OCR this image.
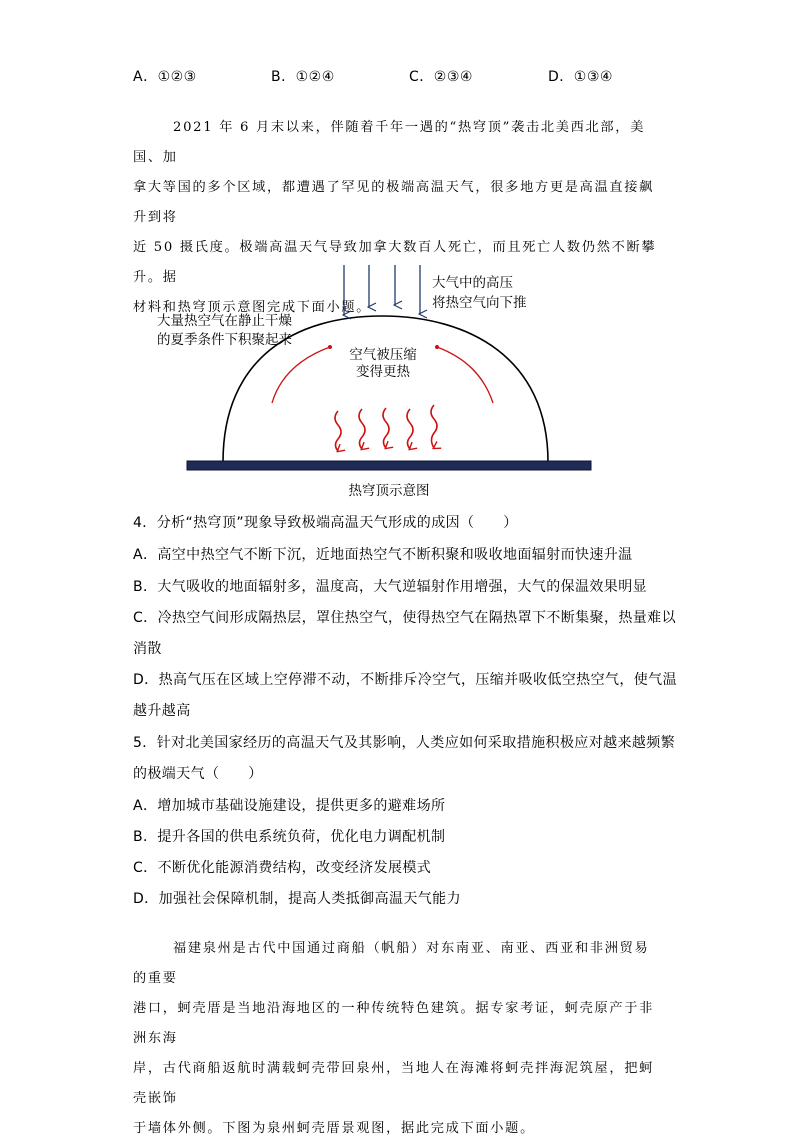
A．①②③	B．①②④	C．②③④	D．①③④

2021 年 6 月末以来，伴随着千年一遇的“热穹顶”袭击北美西北部，美国、加

拿大等国的多个区域，都遭遇了罕见的极端高温天气，很多地方更是高温直接飙升到将

近 50 摄氏度。极端高温天气导致加拿大数百人死亡，而且死亡人数仍然不断攀升。据

材料和热穹顶示意图完成下面小题。

大气中的高压
将热空气向下推
大量热空气在静止干燥
的夏季条件下积聚起来
空气被压缩
变得更热
热穹顶示意图
4．分析“热穹顶”现象导致极端高温天气形成的成因（　　）
A．高空中热空气不断下沉，近地面热空气不断积聚和吸收地面辐射而快速升温
B．大气吸收的地面辐射多，温度高，大气逆辐射作用增强，大气的保温效果明显
C．冷热空气间形成隔热层，罩住热空气，使得热空气在隔热罩下不断集聚，热量难以
消散
D．热高气压在区域上空停滞不动，不断排斥冷空气，压缩并吸收低空热空气，使气温
越升越高
5．针对北美国家经历的高温天气及其影响，人类应如何采取措施积极应对越来越频繁
的极端天气（　　）
A．增加城市基础设施建设，提供更多的避难场所
B．提升各国的供电系统负荷，优化电力调配机制
C．不断优化能源消费结构，改变经济发展模式
D．加强社会保障机制，提高人类抵御高温天气能力

福建泉州是古代中国通过商船（帆船）对东南亚、南亚、西亚和非洲贸易的重要

港口，蚵壳厝是当地沿海地区的一种传统特色建筑。据专家考证，蚵壳原产于非洲东海

岸，古代商船返航时满载蚵壳带回泉州，当地人在海滩将蚵壳拌海泥筑屋，把蚵壳嵌饰

于墙体外侧。下图为泉州蚵壳厝景观图，据此完成下面小题。
